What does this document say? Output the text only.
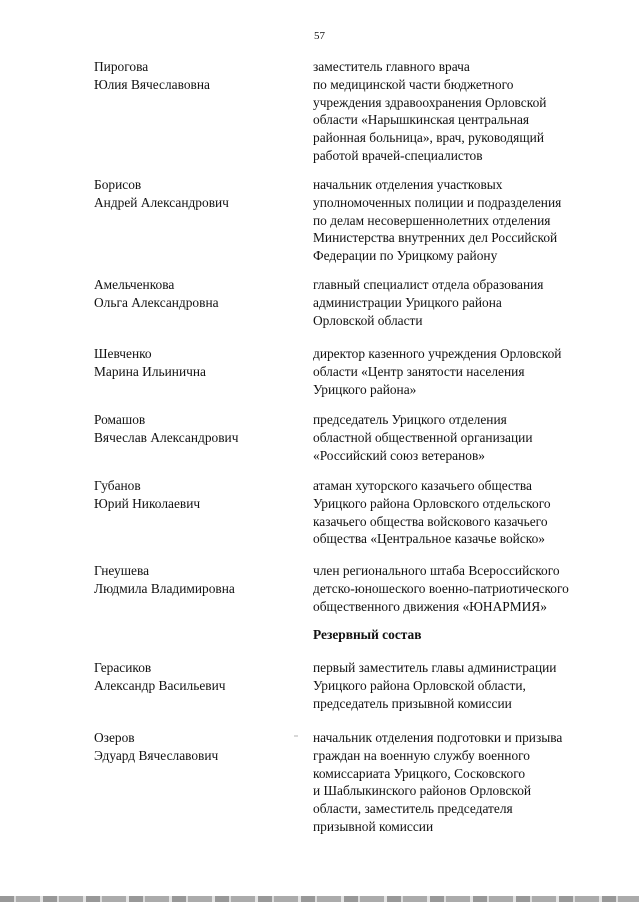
57
Пирогова
Юлия Вячеславовна
заместитель главного врача
по медицинской части бюджетного
учреждения здравоохранения Орловской
области «Нарышкинская центральная
районная больница», врач, руководящий
работой врачей-специалистов
Борисов
Андрей Александрович
начальник отделения участковых
уполномоченных полиции и подразделения
по делам несовершеннолетних отделения
Министерства внутренних дел Российской
Федерации по Урицкому району
Амельченкова
Ольга Александровна
главный специалист отдела образования
администрации Урицкого района
Орловской области
Шевченко
Марина Ильинична
директор казенного учреждения Орловской
области «Центр занятости населения
Урицкого района»
Ромашов
Вячеслав Александрович
председатель Урицкого отделения
областной общественной организации
«Российский союз ветеранов»
Губанов
Юрий Николаевич
атаман хуторского казачьего общества
Урицкого района Орловского отдельского
казачьего общества войскового казачьего
общества «Центральное казачье войско»
Гнеушева
Людмила Владимировна
член регионального штаба Всероссийского
детско-юношеского военно-патриотического
общественного движения «ЮНАРМИЯ»
Резервный состав
Герасиков
Александр Васильевич
первый заместитель главы администрации
Урицкого района Орловской области,
председатель призывной комиссии
Озеров
Эдуард Вячеславович
начальник отделения подготовки и призыва
граждан на военную службу военного
комиссариата Урицкого, Сосковского
и Шаблыкинского районов Орловской
области, заместитель председателя
призывной комиссии
